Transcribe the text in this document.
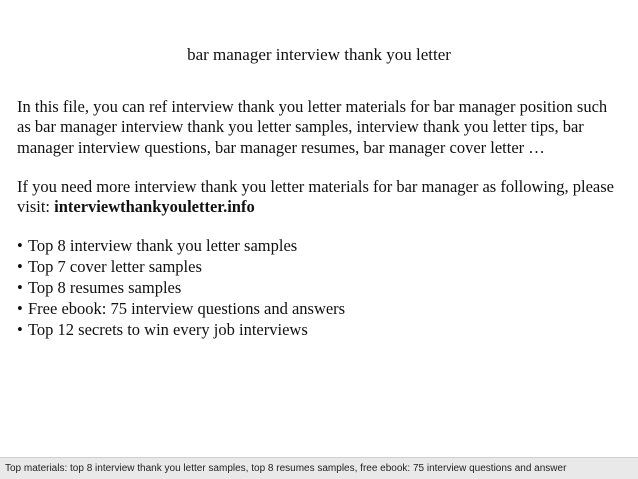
bar manager interview thank you letter

In this file, you can ref interview thank you letter materials for bar manager position such as bar manager interview thank you letter samples, interview thank you letter tips, bar manager interview questions, bar manager resumes, bar manager cover letter …

If you need more interview thank you letter materials for bar manager as following, please visit: interviewthankyouletter.info

• Top 8 interview thank you letter samples
• Top 7 cover letter samples
• Top 8 resumes samples
• Free ebook: 75 interview questions and answers
• Top 12 secrets to win every job interviews
Top materials: top 8 interview thank you letter samples, top 8 resumes samples, free ebook: 75 interview questions and answer
